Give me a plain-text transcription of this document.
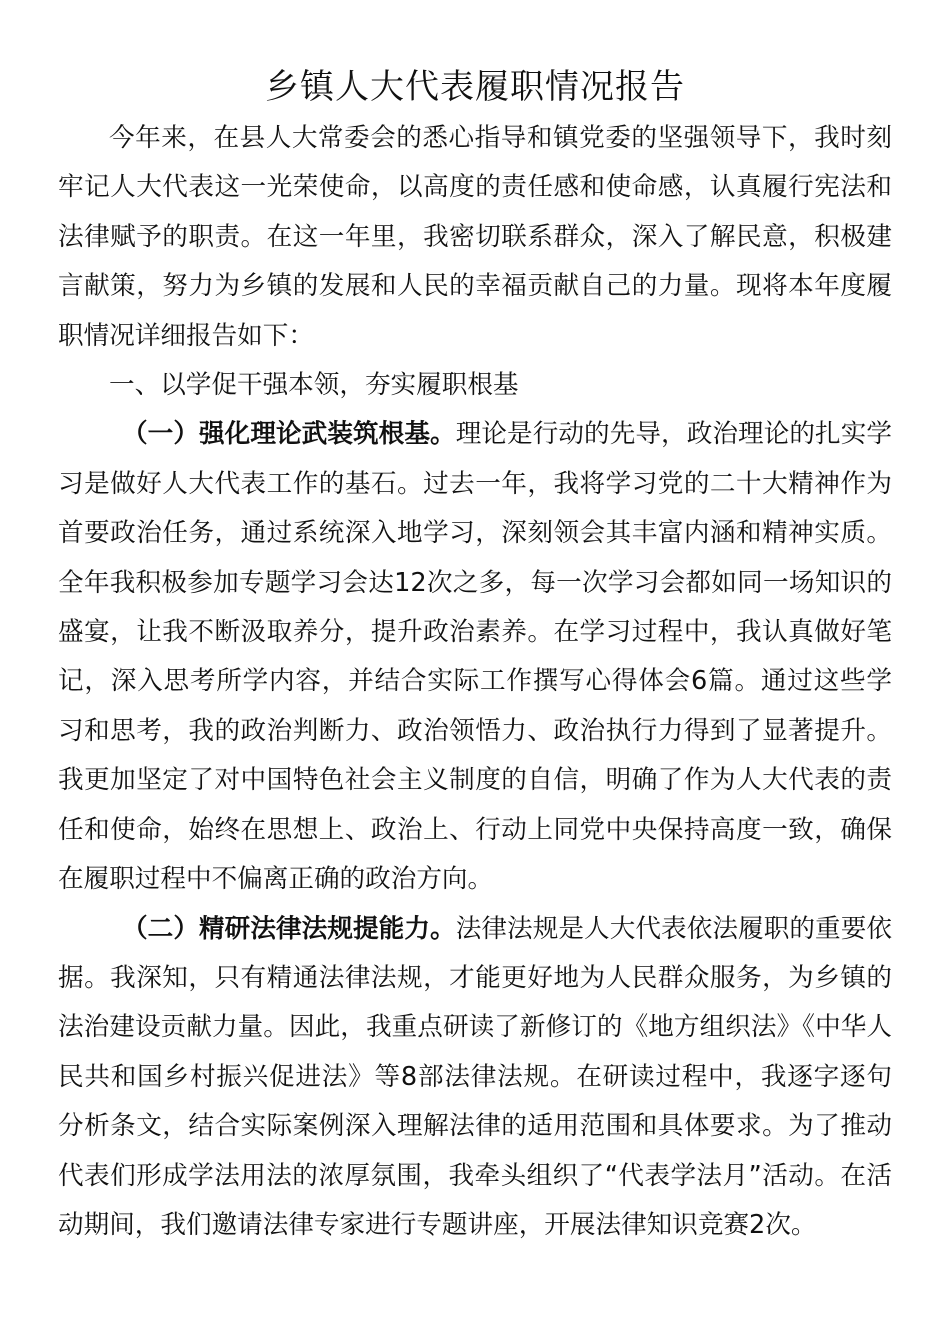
乡镇人大代表履职情况报告

今年来，在县人大常委会的悉心指导和镇党委的坚强领导下，我时刻牢记人大代表这一光荣使命，以高度的责任感和使命感，认真履行宪法和法律赋予的职责。在这一年里，我密切联系群众，深入了解民意，积极建言献策，努力为乡镇的发展和人民的幸福贡献自己的力量。现将本年度履职情况详细报告如下：

一、以学促干强本领，夯实履职根基

（一）强化理论武装筑根基。理论是行动的先导，政治理论的扎实学习是做好人大代表工作的基石。过去一年，我将学习党的二十大精神作为首要政治任务，通过系统深入地学习，深刻领会其丰富内涵和精神实质。全年我积极参加专题学习会达12次之多，每一次学习会都如同一场知识的盛宴，让我不断汲取养分，提升政治素养。在学习过程中，我认真做好笔记，深入思考所学内容，并结合实际工作撰写心得体会6篇。通过这些学习和思考，我的政治判断力、政治领悟力、政治执行力得到了显著提升。我更加坚定了对中国特色社会主义制度的自信，明确了作为人大代表的责任和使命，始终在思想上、政治上、行动上同党中央保持高度一致，确保在履职过程中不偏离正确的政治方向。

（二）精研法律法规提能力。法律法规是人大代表依法履职的重要依据。我深知，只有精通法律法规，才能更好地为人民群众服务，为乡镇的法治建设贡献力量。因此，我重点研读了新修订的《地方组织法》《中华人民共和国乡村振兴促进法》等8部法律法规。在研读过程中，我逐字逐句分析条文，结合实际案例深入理解法律的适用范围和具体要求。为了推动代表们形成学法用法的浓厚氛围，我牵头组织了“代表学法月”活动。在活动期间，我们邀请法律专家进行专题讲座，开展法律知识竞赛2次。
